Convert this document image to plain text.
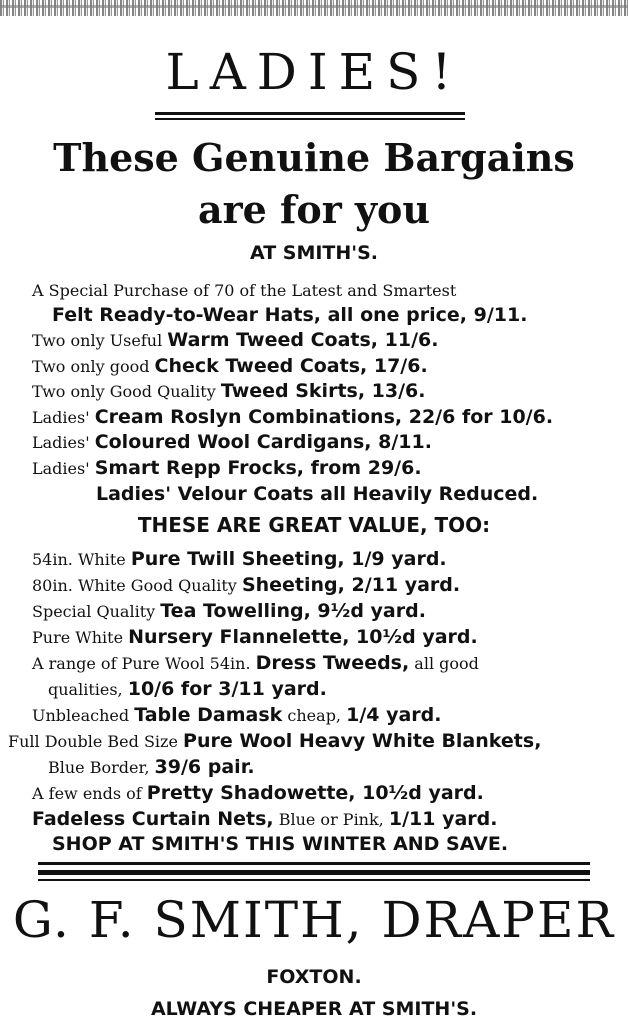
LADIES!
These Genuine Bargains
are for you
AT SMITH'S.
A Special Purchase of 70 of the Latest and Smartest
Felt Ready-to-Wear Hats, all one price, 9/11.
Two only Useful Warm Tweed Coats, 11/6.
Two only good Check Tweed Coats, 17/6.
Two only Good Quality Tweed Skirts, 13/6.
Ladies' Cream Roslyn Combinations, 22/6 for 10/6.
Ladies' Coloured Wool Cardigans, 8/11.
Ladies' Smart Repp Frocks, from 29/6.
Ladies' Velour Coats all Heavily Reduced.
THESE ARE GREAT VALUE, TOO:
54in. White Pure Twill Sheeting, 1/9 yard.
80in. White Good Quality Sheeting, 2/11 yard.
Special Quality Tea Towelling, 9½d yard.
Pure White Nursery Flannelette, 10½d yard.
A range of Pure Wool 54in. Dress Tweeds, all good
qualities, 10/6 for 3/11 yard.
Unbleached Table Damask cheap, 1/4 yard.
Full Double Bed Size Pure Wool Heavy White Blankets,
Blue Border, 39/6 pair.
A few ends of Pretty Shadowette, 10½d yard.
Fadeless Curtain Nets, Blue or Pink, 1/11 yard.
SHOP AT SMITH'S THIS WINTER AND SAVE.
G. F. SMITH, DRAPER
FOXTON.
ALWAYS CHEAPER AT SMITH'S.
